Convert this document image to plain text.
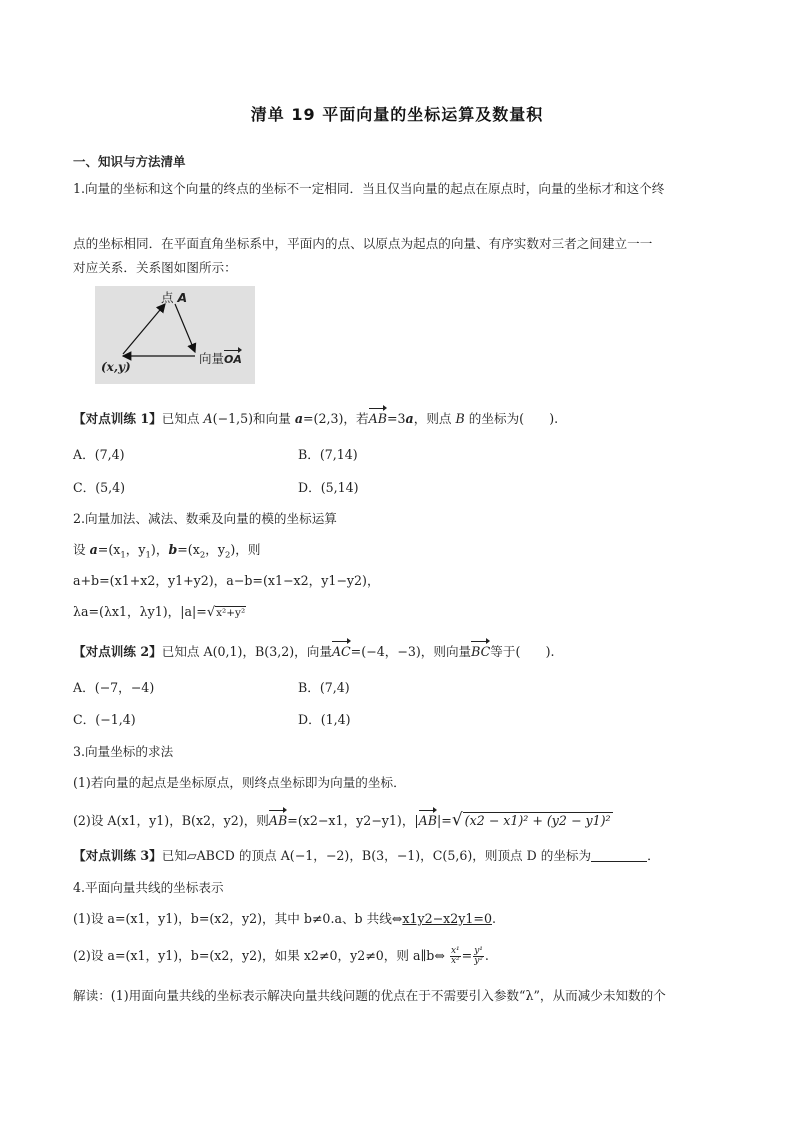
清单 19 平面向量的坐标运算及数量积
一、知识与方法清单
1.向量的坐标和这个向量的终点的坐标不一定相同．当且仅当向量的起点在原点时，向量的坐标才和这个终
点的坐标相同．在平面直角坐标系中，平面内的点、以原点为起点的向量、有序实数对三者之间建立一一
对应关系．关系图如图所示：
点 A
向量OA
(x,y)
【对点训练 1】已知点 A(−1,5)和向量 a=(2,3)，若AB=3a，则点 B 的坐标为(　　).
A．(7,4)	B．(7,14)
C．(5,4)	D．(5,14)
2.向量加法、减法、数乘及向量的模的坐标运算
设 $a=(x_1$，$y_1$)，$b=(x_2$，$y_2$)，则
a+b=(x1+x2，y1+y2)，a−b=(x1−x2，y1−y2)，
λa=(λx1，λy1)，|a|=√x²+y²
【对点训练 2】已知点 A(0,1)，B(3,2)，向量AC=(−4，−3)，则向量BC等于(　　).
A．(−7，−4)	B．(7,4)
C．(−1,4)	D．(1,4)
3.向量坐标的求法
(1)若向量的起点是坐标原点，则终点坐标即为向量的坐标．
(2)设 A(x1，y1)，B(x2，y2)，则AB=(x2−x1，y2−y1)，|AB|=√ (x2 − x1)² + (y2 − y1)²
【对点训练 3】已知▱ABCD 的顶点 A(−1，−2)，B(3，−1)，C(5,6)，则顶点 D 的坐标为	．
4.平面向量共线的坐标表示
(1)设 a=(x1，y1)，b=(x2，y2)，其中 b≠0.a、b 共线⇔x1y2−x2y1=0.
(2)设 a=(x1，y1)，b=(x2，y2)，如果 x2≠0，y2≠0，则 a∥b⇔ $\frac{\text{x¹}}{\text{x²}} = \frac{\text{y¹}}{\text{y²}}$ .
解读：(1)用面向量共线的坐标表示解决向量共线问题的优点在于不需要引入参数“λ”，从而减少未知数的个
